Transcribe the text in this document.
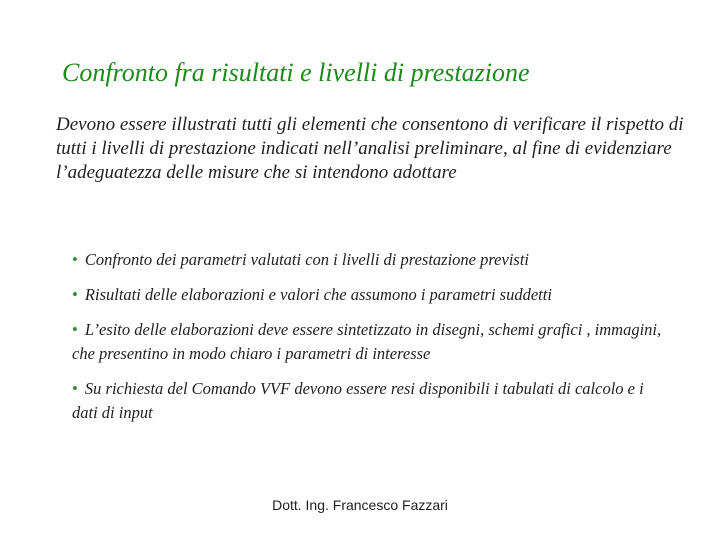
Confronto fra risultati e livelli di prestazione

Devono essere illustrati tutti gli elementi che consentono di verificare il rispetto di tutti i livelli di prestazione indicati nell’analisi preliminare, al fine di evidenziare l’adeguatezza delle misure che si intendono adottare

• Confronto dei parametri valutati con i livelli di prestazione previsti
• Risultati delle elaborazioni e valori che assumono i parametri suddetti
• L’esito delle elaborazioni deve essere sintetizzato in disegni, schemi grafici , immagini, che presentino in modo chiaro i parametri di interesse
• Su richiesta del Comando VVF devono essere resi disponibili i tabulati di calcolo e i dati di input
Dott. Ing. Francesco Fazzari
